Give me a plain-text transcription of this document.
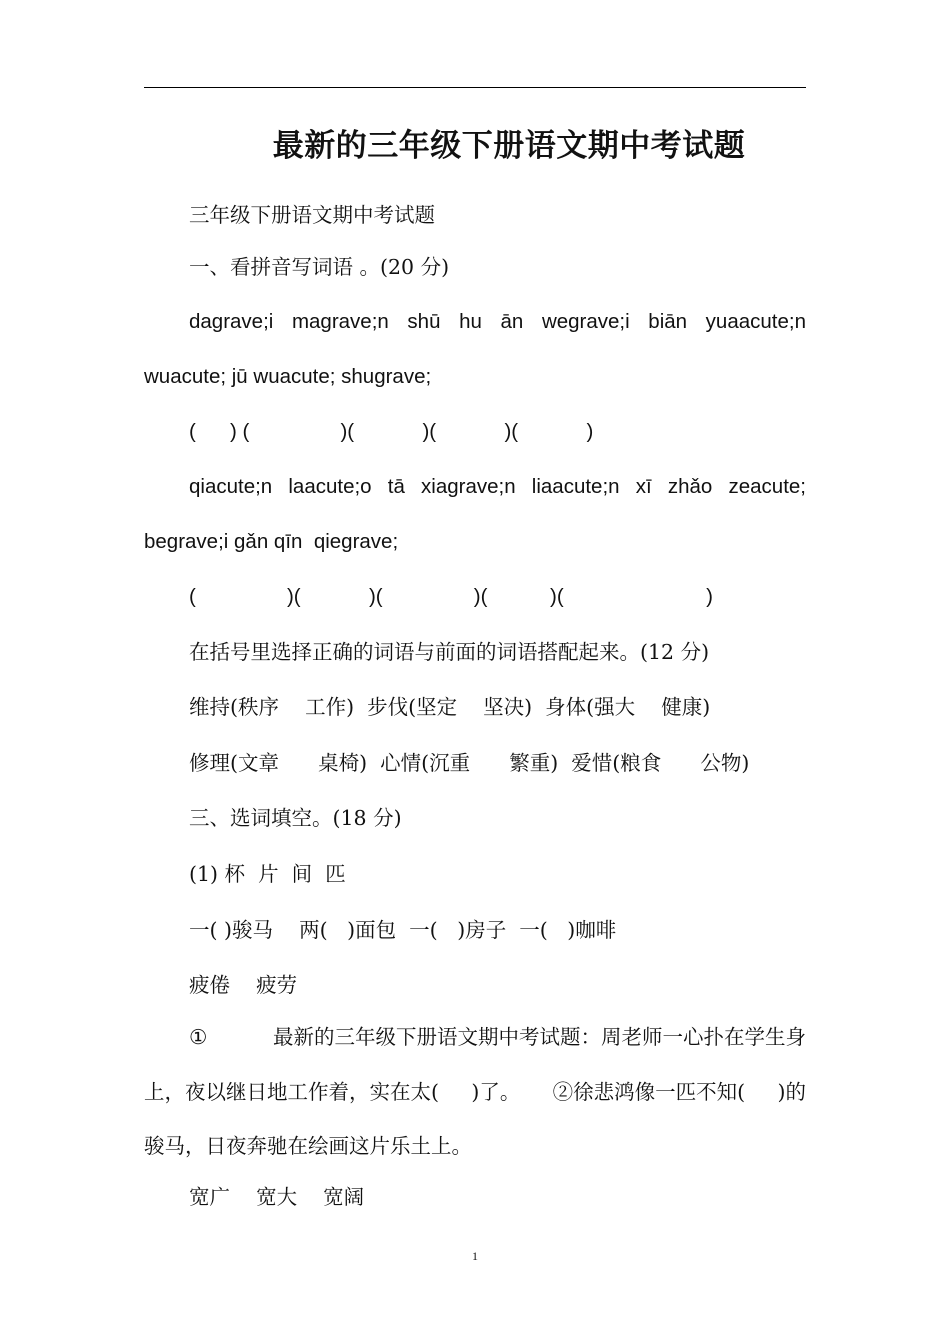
最新的三年级下册语文期中考试题
三年级下册语文期中考试题
一、看拼音写词语 。(20 分)
dagrave;i magrave;n shū hu ān wegrave;i biān yuaacute;n
wuacute; jū wuacute; shugrave;
(      ) (                )(            )(            )(            )
qiacute;n laacute;o tā xiagrave;n liaacute;n xī zhǎo zeacute;
begrave;i gǎn qīn  qiegrave;
(                )(            )(                )(           )(                         )
在括号里选择正确的词语与前面的词语搭配起来。(12 分)
维持(秩序    工作)  步伐(坚定    坚决)  身体(强大    健康)
修理(文章      桌椅)  心情(沉重      繁重)  爱惜(粮食      公物)
三、选词填空。(18 分)
(1) 杯  片  间  匹
一( )骏马    两(   )面包  一(   )房子  一(   )咖啡
疲倦    疲劳
①	最新的三年级下册语文期中考试题：周老师一心扑在学生身
上，夜以继日地工作着，实在太( )了。 ②徐悲鸿像一匹不知( )的
骏马，日夜奔驰在绘画这片乐土上。
宽广    宽大    宽阔
1
